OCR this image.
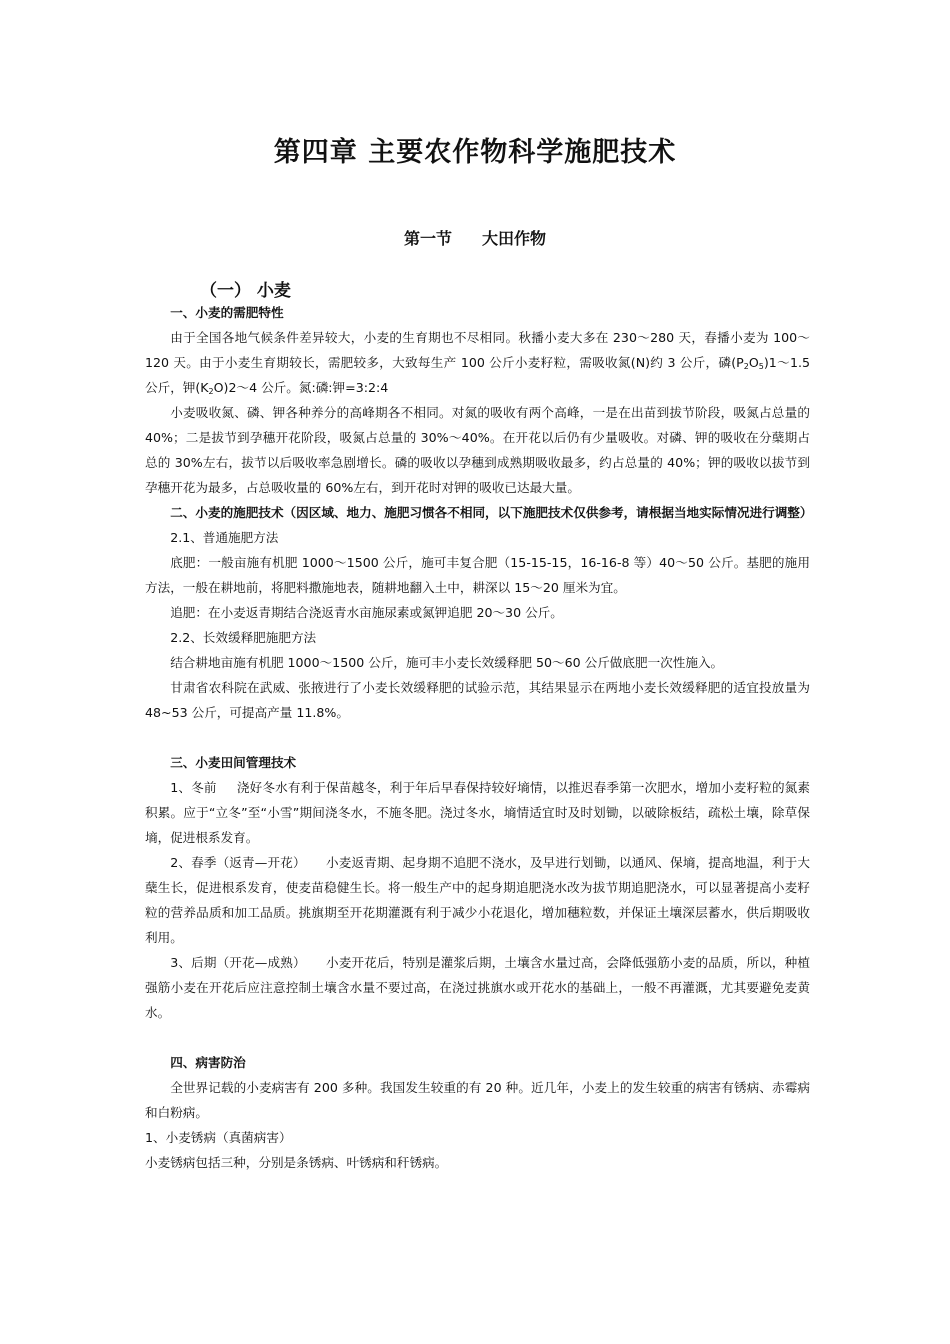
第四章 主要农作物科学施肥技术
第一节 大田作物
（一） 小麦

一、小麦的需肥特性

由于全国各地气候条件差异较大，小麦的生育期也不尽相同。秋播小麦大多在 230～280 天，春播小麦为 100～120 天。由于小麦生育期较长，需肥较多，大致每生产 100 公斤小麦籽粒，需吸收氮(N)约 3 公斤，磷$(P_2O_5)1\sim 1.5$ 公斤，钾$(K_2O)2\sim 4$ 公斤。氮:磷:钾=3:2:4

小麦吸收氮、磷、钾各种养分的高峰期各不相同。对氮的吸收有两个高峰，一是在出苗到拔节阶段，吸氮占总量的 40%；二是拔节到孕穗开花阶段，吸氮占总量的 30%～40%。在开花以后仍有少量吸收。对磷、钾的吸收在分蘖期占总的 30%左右，拔节以后吸收率急剧增长。磷的吸收以孕穗到成熟期吸收最多，约占总量的 40%；钾的吸收以拔节到孕穗开花为最多，占总吸收量的 60%左右，到开花时对钾的吸收已达最大量。

二、小麦的施肥技术（因区域、地力、施肥习惯各不相同，以下施肥技术仅供参考，请根据当地实际情况进行调整）

2.1、普通施肥方法

底肥：一般亩施有机肥 1000～1500 公斤，施可丰复合肥（15-15-15，16-16-8 等）40～50 公斤。基肥的施用方法，一般在耕地前，将肥料撒施地表，随耕地翻入土中，耕深以 15～20 厘米为宜。

追肥：在小麦返青期结合浇返青水亩施尿素或氮钾追肥 20～30 公斤。

2.2、长效缓释肥施肥方法

结合耕地亩施有机肥 1000～1500 公斤，施可丰小麦长效缓释肥 50～60 公斤做底肥一次性施入。

甘肃省农科院在武威、张掖进行了小麦长效缓释肥的试验示范，其结果显示在两地小麦长效缓释肥的适宜投放量为 48~53 公斤，可提高产量 11.8%。

三、小麦田间管理技术

1、冬前 浇好冬水有利于保苗越冬，利于年后早春保持较好墒情，以推迟春季第一次肥水，增加小麦籽粒的氮素积累。应于“立冬”至“小雪”期间浇冬水，不施冬肥。浇过冬水，墒情适宜时及时划锄，以破除板结，疏松土壤，除草保墒，促进根系发育。

2、春季（返青—开花） 小麦返青期、起身期不追肥不浇水，及早进行划锄，以通风、保墒，提高地温，利于大蘖生长，促进根系发育，使麦苗稳健生长。将一般生产中的起身期追肥浇水改为拔节期追肥浇水，可以显著提高小麦籽粒的营养品质和加工品质。挑旗期至开花期灌溉有利于减少小花退化，增加穗粒数，并保证土壤深层蓄水，供后期吸收利用。

3、后期（开花—成熟） 小麦开花后，特别是灌浆后期，土壤含水量过高，会降低强筋小麦的品质，所以，种植强筋小麦在开花后应注意控制土壤含水量不要过高，在浇过挑旗水或开花水的基础上，一般不再灌溉，尤其要避免麦黄水。

四、病害防治

全世界记载的小麦病害有 200 多种。我国发生较重的有 20 种。近几年，小麦上的发生较重的病害有锈病、赤霉病和白粉病。

1、小麦锈病（真菌病害）

小麦锈病包括三种，分别是条锈病、叶锈病和秆锈病。
